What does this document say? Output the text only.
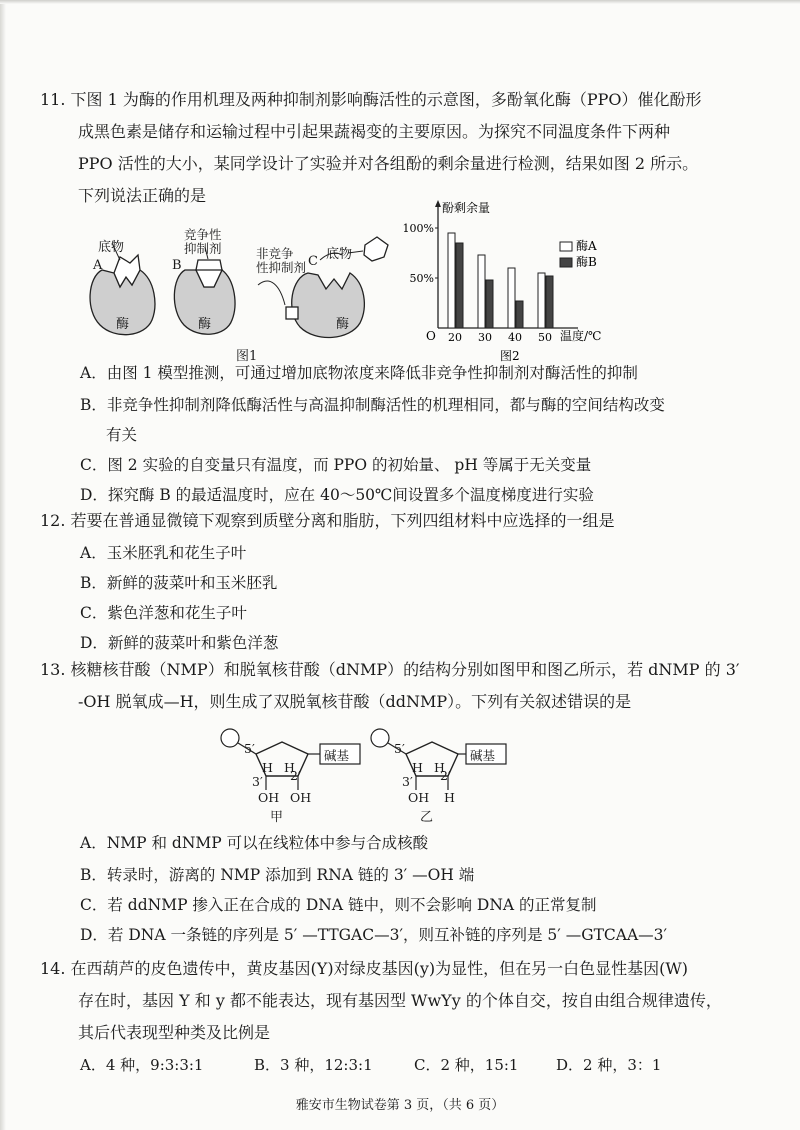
11. 下图 1 为酶的作用机理及两种抑制剂影响酶活性的示意图，多酚氧化酶（PPO）催化酚形
成黑色素是储存和运输过程中引起果蔬褐变的主要原因。为探究不同温度条件下两种
PPO 活性的大小，某同学设计了实验并对各组酚的剩余量进行检测，结果如图 2 所示。
下列说法正确的是
底物
A
竞争性
抑制剂
B
非竞争
性抑制剂 C 底物
酶	酶	酶
图1
酚剩余量
O
50%
100%
20 30 40 50 温度/℃
酶A
酶B
图2
A．由图 1 模型推测，可通过增加底物浓度来降低非竞争性抑制剂对酶活性的抑制
B．非竞争性抑制剂降低酶活性与高温抑制酶活性的机理相同，都与酶的空间结构改变
有关
C．图 2 实验的自变量只有温度，而 PPO 的初始量、 pH 等属于无关变量
D．探究酶 B 的最适温度时，应在 40～50℃间设置多个温度梯度进行实验
12. 若要在普通显微镜下观察到质壁分离和脂肪，下列四组材料中应选择的一组是
A．玉米胚乳和花生子叶
B．新鲜的菠菜叶和玉米胚乳
C．紫色洋葱和花生子叶
D．新鲜的菠菜叶和紫色洋葱
13. 核糖核苷酸（NMP）和脱氧核苷酸（dNMP）的结构分别如图甲和图乙所示，若 dNMP 的 3′
-OH 脱氧成—H，则生成了双脱氧核苷酸（ddNMP）。下列有关叙述错误的是
碱基	碱基
5′	5′
3′	3′
2′	2′
H H	H H
OH OH	OH H
甲	乙
A．NMP 和 dNMP 可以在线粒体中参与合成核酸
B．转录时，游离的 NMP 添加到 RNA 链的 3′ —OH 端
C．若 ddNMP 掺入正在合成的 DNA 链中，则不会影响 DNA 的正常复制
D．若 DNA 一条链的序列是 5′ —TTGAC—3′，则互补链的序列是 5′ —GTCAA—3′
14. 在西葫芦的皮色遗传中，黄皮基因(Y)对绿皮基因(y)为显性，但在另一白色显性基因(W)
存在时，基因 Y 和 y 都不能表达，现有基因型 WwYy 的个体自交，按自由组合规律遗传，
其后代表现型种类及比例是
A．4 种，9:3:3:1	B．3 种，12:3:1	C．2 种，15:1	D．2 种，3：1
雅安市生物试卷第 3 页，（共 6 页）
